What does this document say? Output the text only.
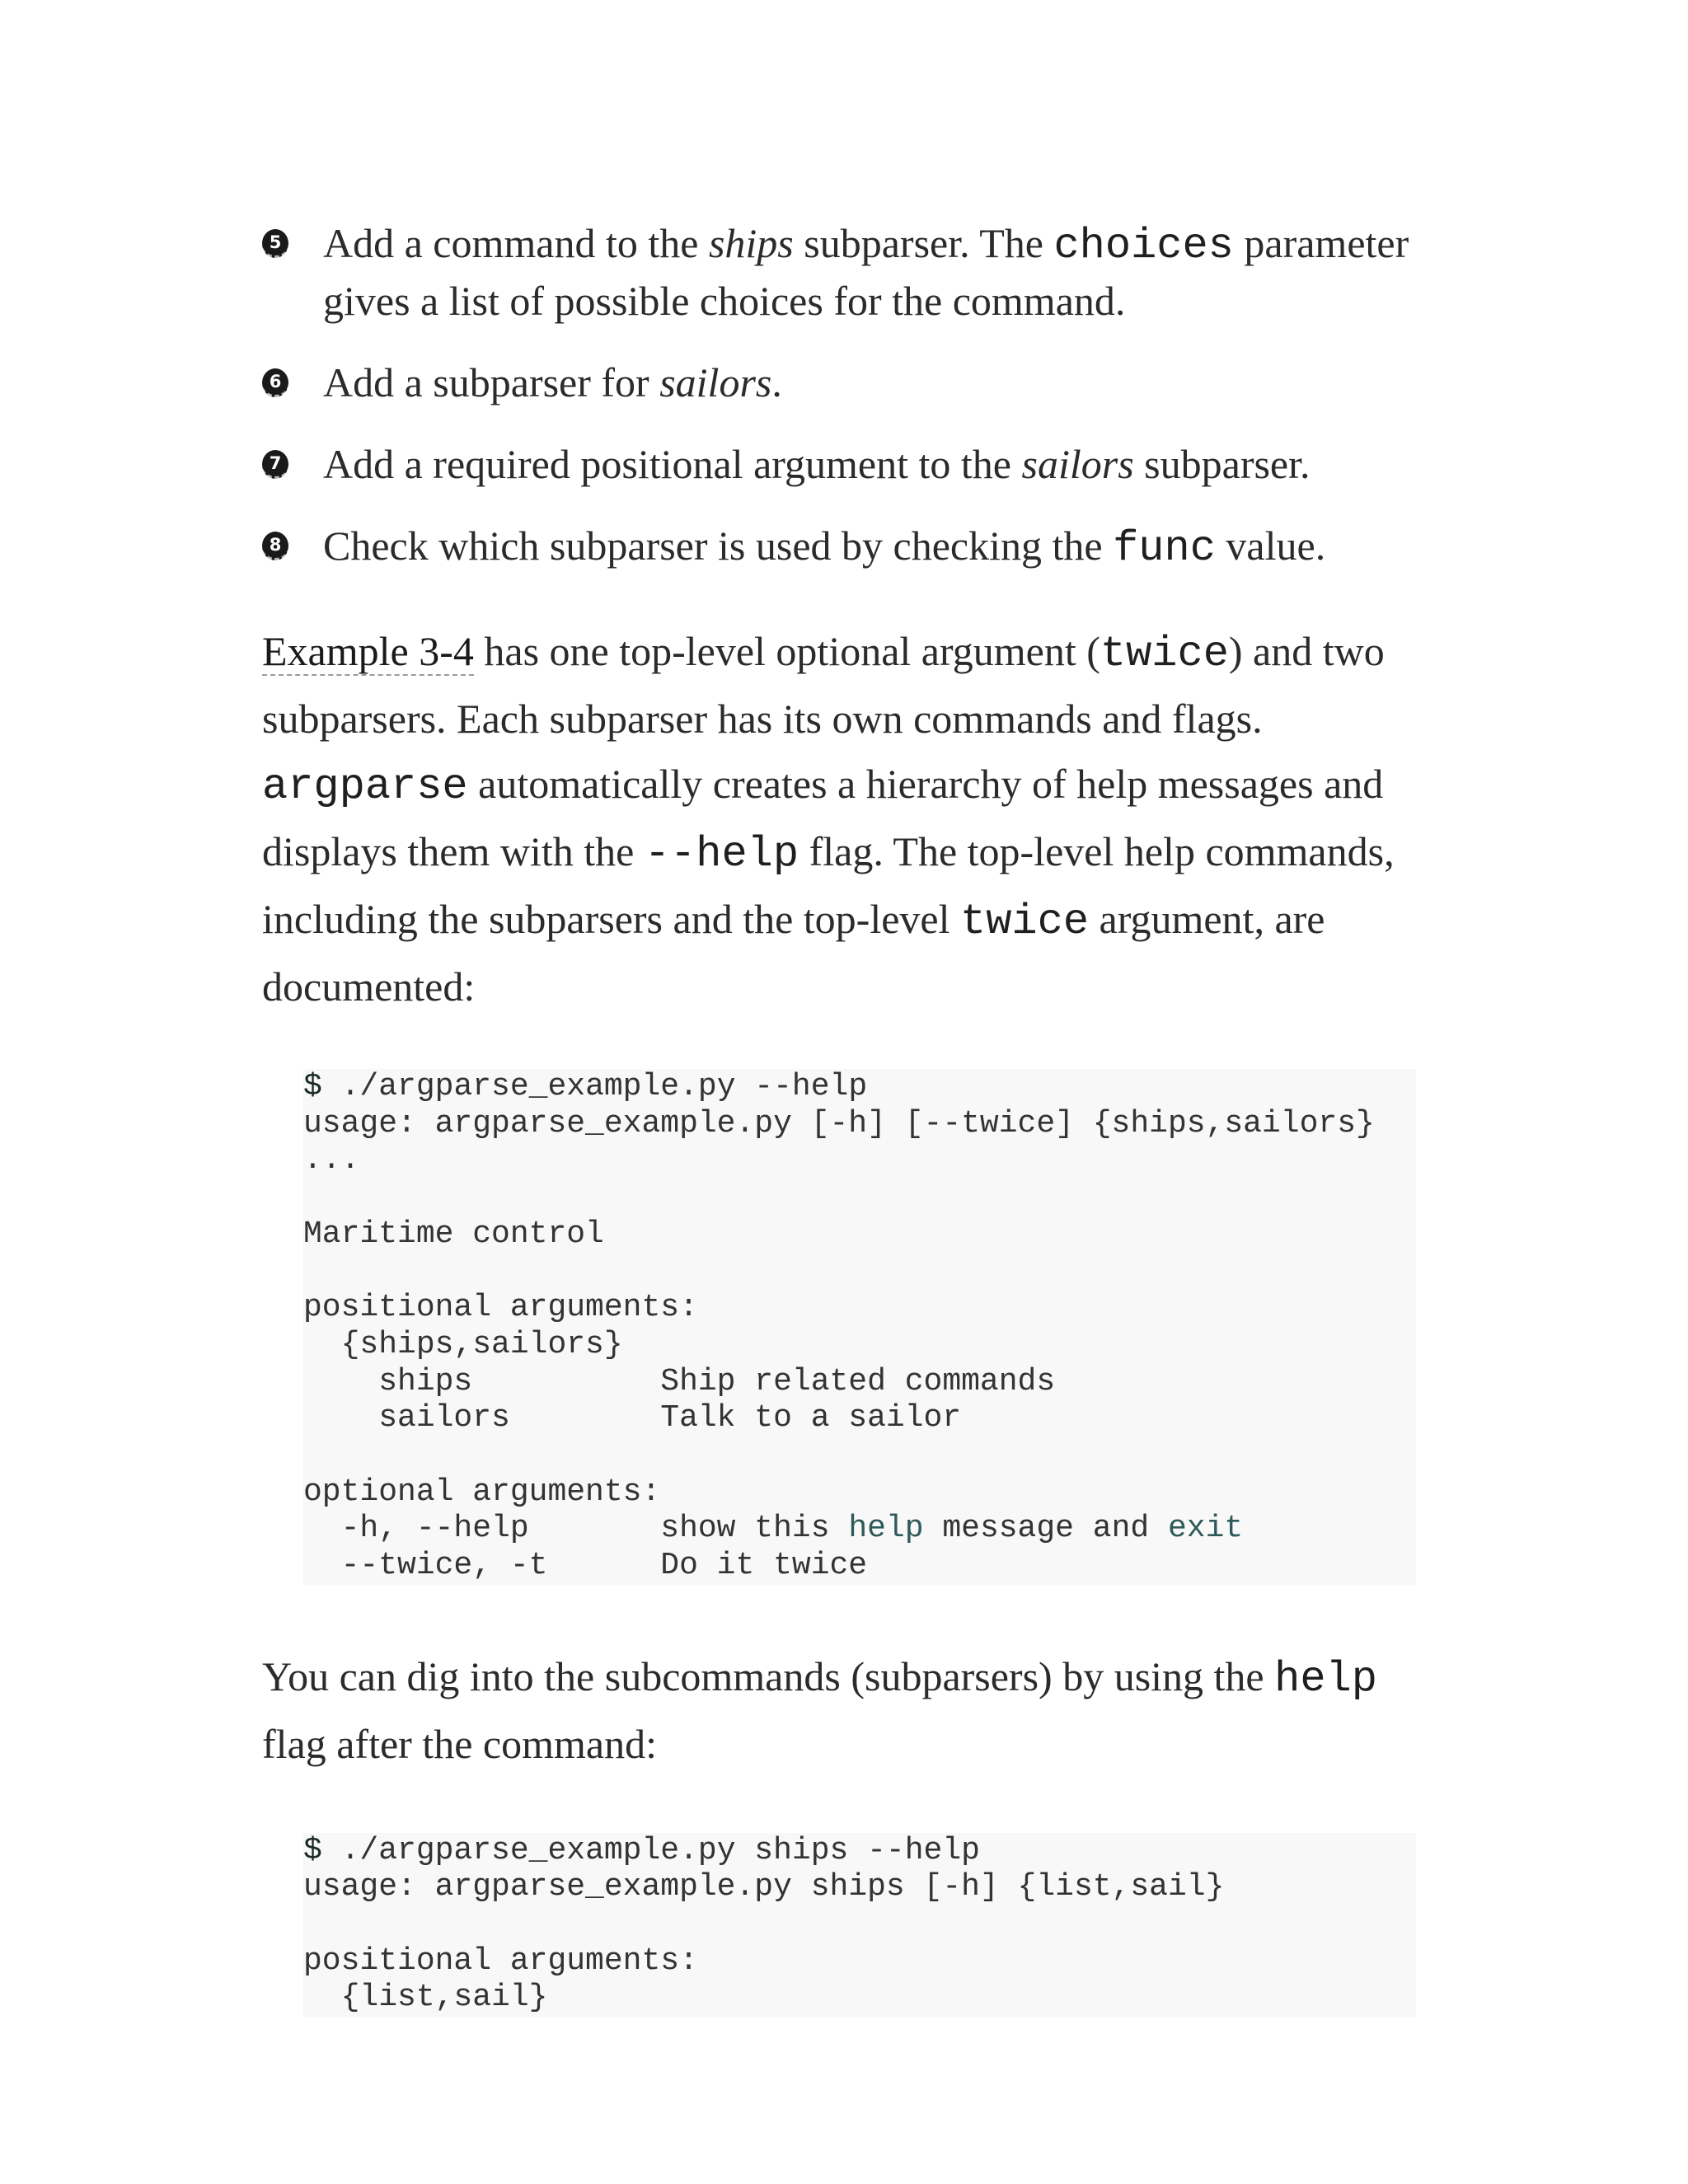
5 Add a command to the ships subparser. The choices parameter gives a list of possible choices for the command.
6 Add a subparser for sailors.
7 Add a required positional argument to the sailors subparser.
8 Check which subparser is used by checking the func value.

Example 3-4 has one top-level optional argument (twice) and two subparsers. Each subparser has its own commands and flags. argparse automatically creates a hierarchy of help messages and displays them with the --help flag. The top-level help commands, including the subparsers and the top-level twice argument, are documented:

$ ./argparse_example.py --help
usage: argparse_example.py [-h] [--twice] {ships,sailors}
...
Maritime control
positional arguments:
{ships,sailors}
ships          Ship related commands
sailors        Talk to a sailor
optional arguments:
-h, --help       show this help message and exit
--twice, -t      Do it twice

You can dig into the subcommands (subparsers) by using the help flag after the command:

$ ./argparse_example.py ships --help
usage: argparse_example.py ships [-h] {list,sail}
positional arguments:
{list,sail}
